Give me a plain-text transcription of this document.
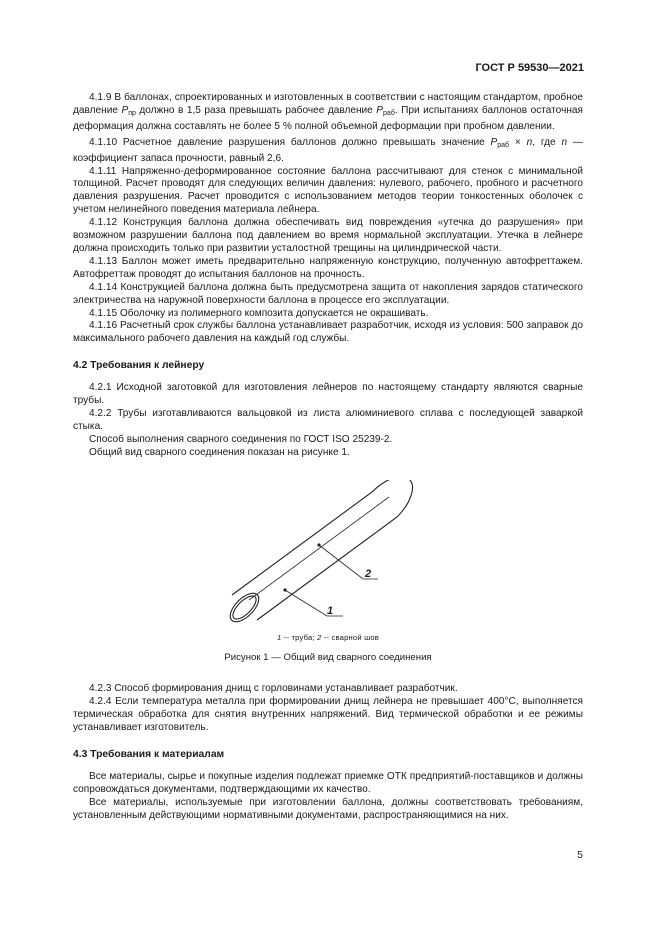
ГОСТ Р 59530—2021

4.1.9 В баллонах, спроектированных и изготовленных в соответствии с настоящим стандартом, пробное давление $P_{пр}$ должно в 1,5 раза превышать рабочее давление $P_{раб}$. При испытаниях баллонов остаточная деформация должна составлять не более 5 % полной объемной деформации при пробном давлении.

4.1.10 Расчетное давление разрушения баллонов должно превышать значение $P_{раб} \times n$, где n — коэффициент запаса прочности, равный 2,6.

4.1.11 Напряженно-деформированное состояние баллона рассчитывают для стенок с минимальной толщиной. Расчет проводят для следующих величин давления: нулевого, рабочего, пробного и расчетного давления разрушения. Расчет проводится с использованием методов теории тонкостенных оболочек с учетом нелинейного поведения материала лейнера.

4.1.12 Конструкция баллона должна обеспечивать вид повреждения «утечка до разрушения» при возможном разрушении баллона под давлением во время нормальной эксплуатации. Утечка в лейнере должна происходить только при развитии усталостной трещины на цилиндрической части.

4.1.13 Баллон может иметь предварительно напряженную конструкцию, полученную автофреттажем. Автофреттаж проводят до испытания баллонов на прочность.

4.1.14 Конструкцией баллона должна быть предусмотрена защита от накопления зарядов статического электричества на наружной поверхности баллона в процессе его эксплуатации.

4.1.15 Оболочку из полимерного композита допускается не окрашивать.

4.1.16 Расчетный срок службы баллона устанавливает разработчик, исходя из условия: 500 заправок до максимального рабочего давления на каждый год службы.

4.2 Требования к лейнеру

4.2.1 Исходной заготовкой для изготовления лейнеров по настоящему стандарту являются сварные трубы.

4.2.2 Трубы изготавливаются вальцовкой из листа алюминиевого сплава с последующей заваркой стыка.

Способ выполнения сварного соединения по ГОСТ ISO 25239-2.

Общий вид сварного соединения показан на рисунке 1.

1
2
1 -- труба; 2 -- сварной шов
Рисунок 1 — Общий вид сварного соединения

4.2.3 Способ формирования днищ с горловинами устанавливает разработчик.

4.2.4 Если температура металла при формировании днищ лейнера не превышает 400°С, выполняется термическая обработка для снятия внутренних напряжений. Вид термической обработки и ее режимы устанавливает изготовитель.

4.3 Требования к материалам

Все материалы, сырье и покупные изделия подлежат приемке ОТК предприятий-поставщиков и должны сопровождаться документами, подтверждающими их качество.

Все материалы, используемые при изготовлении баллона, должны соответствовать требованиям, установленным действующими нормативными документами, распространяющимися на них.

5
